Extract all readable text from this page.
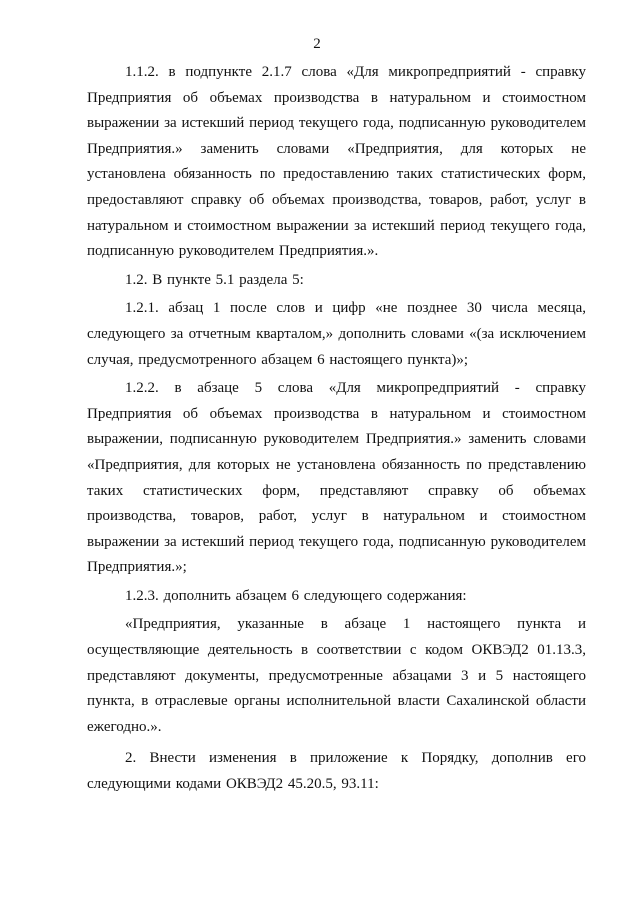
2

1.1.2. в подпункте 2.1.7 слова «Для микропредприятий - справку Предприятия об объемах производства в натуральном и стоимостном выражении за истекший период текущего года, подписанную руководителем Предприятия.» заменить словами «Предприятия, для которых не установлена обязанность по предоставлению таких статистических форм, предоставляют справку об объемах производства, товаров, работ, услуг в натуральном и стоимостном выражении за истекший период текущего года, подписанную руководителем Предприятия.».

1.2. В пункте 5.1 раздела 5:

1.2.1. абзац 1 после слов и цифр «не позднее 30 числа месяца, следующего за отчетным кварталом,» дополнить словами «(за исключением случая, предусмотренного абзацем 6 настоящего пункта)»;

1.2.2. в абзаце 5 слова «Для микропредприятий - справку Предприятия об объемах производства в натуральном и стоимостном выражении, подписанную руководителем Предприятия.» заменить словами «Предприятия, для которых не установлена обязанность по представлению таких статистических форм, представляют справку об объемах производства, товаров, работ, услуг в натуральном и стоимостном выражении за истекший период текущего года, подписанную руководителем Предприятия.»;

1.2.3. дополнить абзацем 6 следующего содержания:

«Предприятия, указанные в абзаце 1 настоящего пункта и осуществляющие деятельность в соответствии с кодом ОКВЭД2 01.13.3, представляют документы, предусмотренные абзацами 3 и 5 настоящего пункта, в отраслевые органы исполнительной власти Сахалинской области ежегодно.».

2. Внести изменения в приложение к Порядку, дополнив его следующими кодами ОКВЭД2 45.20.5, 93.11:
